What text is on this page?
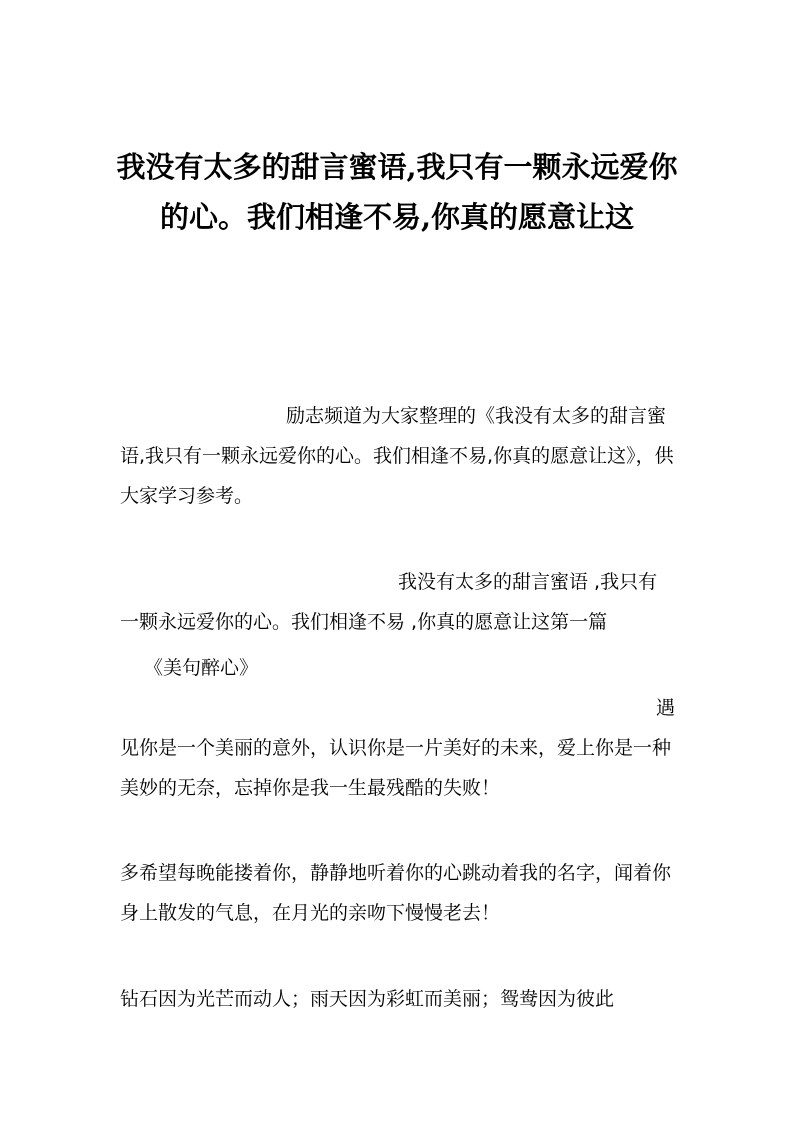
我没有太多的甜言蜜语,我只有一颗永远爱你的心。我们相逢不易,你真的愿意让这

励志频道为大家整理的《我没有太多的甜言蜜语,我只有一颗永远爱你的心。我们相逢不易,你真的愿意让这》，供大家学习参考。

我没有太多的甜言蜜语 ,我只有一颗永远爱你的心。我们相逢不易 ,你真的愿意让这第一篇

《美句醉心》

遇
见你是一个美丽的意外，认识你是一片美好的未来，爱上你是一种美妙的无奈，忘掉你是我一生最残酷的失败！

多希望每晚能搂着你，静静地听着你的心跳动着我的名字，闻着你身上散发的气息，在月光的亲吻下慢慢老去！

钻石因为光芒而动人；雨天因为彩虹而美丽；鸳鸯因为彼此
